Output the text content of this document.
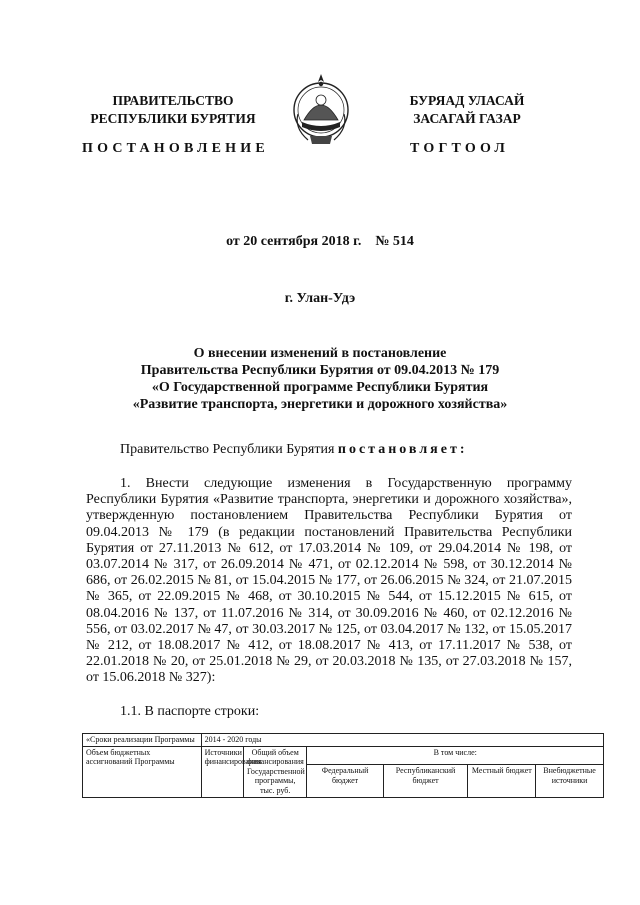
ПРАВИТЕЛЬСТВО
РЕСПУБЛИКИ БУРЯТИЯ
БУРЯАД УЛАСАЙ
ЗАСАГАЙ ГАЗАР
ПОСТАНОВЛЕНИЕ	ТОГТООЛ
от 20 сентября 2018 г.    № 514
г. Улан-Удэ
О внесении изменений в постановление
Правительства Республики Бурятия от 09.04.2013 № 179
«О Государственной программе Республики Бурятия
«Развитие транспорта, энергетики и дорожного хозяйства»
Правительство Республики Бурятия постановляет:
1. Внести следующие изменения в Государственную программу Республики Бурятия «Развитие транспорта, энергетики и дорожного хозяйства», утвержденную постановлением Правительства Республики Бурятия от 09.04.2013 № 179 (в редакции постановлений Правительства Республики Бурятия от 27.11.2013 № 612, от 17.03.2014 № 109, от 29.04.2014 № 198, от 03.07.2014 № 317, от 26.09.2014 № 471, от 02.12.2014 № 598, от 30.12.2014 № 686, от 26.02.2015 № 81, от 15.04.2015 № 177, от 26.06.2015 № 324, от 21.07.2015 № 365, от 22.09.2015 № 468, от 30.10.2015 № 544, от 15.12.2015 № 615, от 08.04.2016 № 137, от 11.07.2016 № 314, от 30.09.2016 № 460, от 02.12.2016 № 556, от 03.02.2017 № 47, от 30.03.2017 № 125, от 03.04.2017 № 132, от 15.05.2017 № 212, от 18.08.2017 № 412, от 18.08.2017 № 413, от 17.11.2017 № 538, от 22.01.2018 № 20, от 25.01.2018 № 29, от 20.03.2018 № 135, от 27.03.2018 № 157, от 15.06.2018 № 327):
1.1. В паспорте строки:
«Сроки реализации Программы	2014 - 2020 годы					
Объем бюджетных ассигнований Программы	Источники финансирования	Общий объем финансирования Государственной программы, тыс. руб.	В том числе:			
			Федеральный бюджет	Республиканский бюджет	Местный бюджет	Внебюджетные источники
